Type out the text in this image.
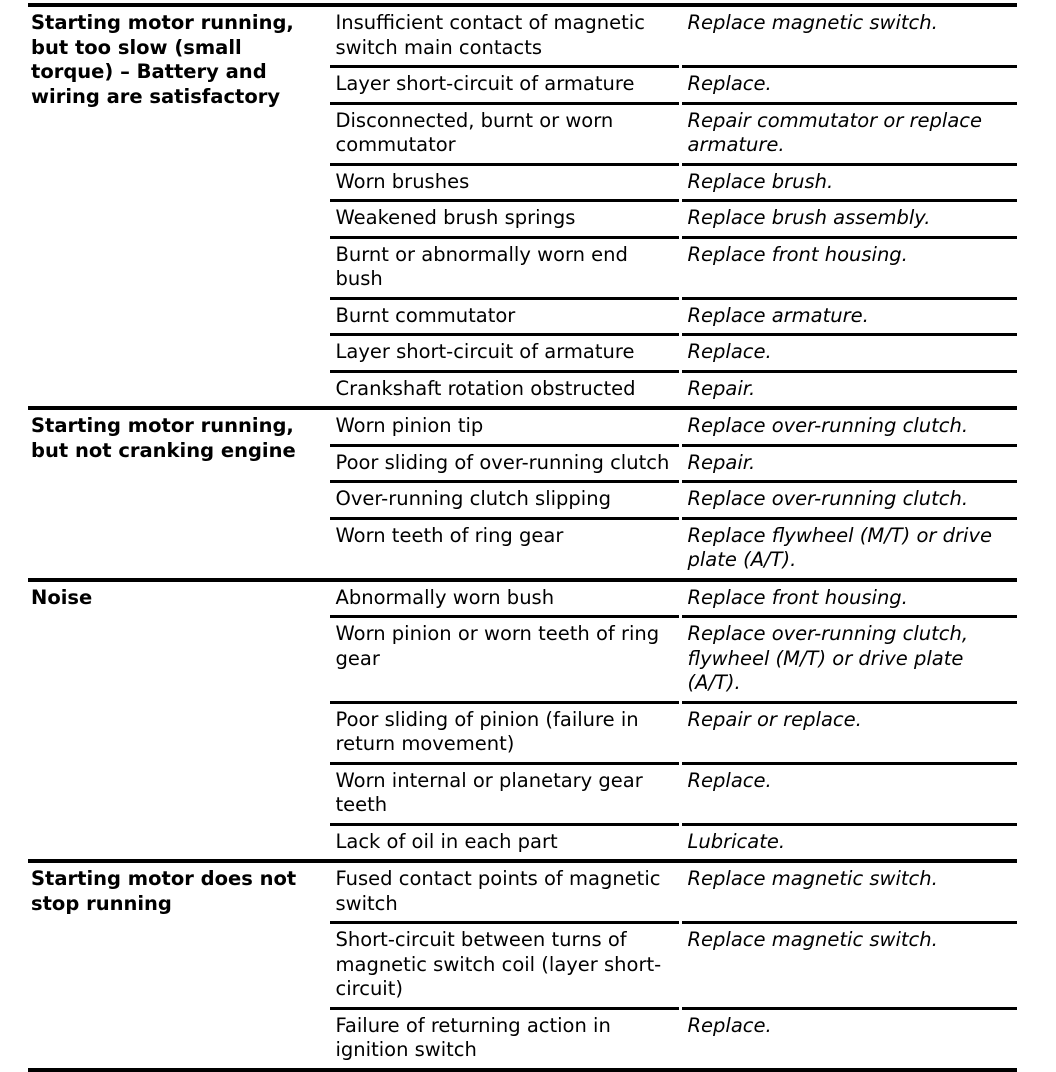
Starting motor running, but too slow (small torque) – Battery and wiring are satisfactory	Insufficient contact of magnetic switch main contacts	Replace magnetic switch.
	Layer short-circuit of armature	Replace.
	Disconnected, burnt or worn commutator	Repair commutator or replace armature.
	Worn brushes	Replace brush.
	Weakened brush springs	Replace brush assembly.
	Burnt or abnormally worn end bush	Replace front housing.
	Burnt commutator	Replace armature.
	Layer short-circuit of armature	Replace.
	Crankshaft rotation obstructed	Repair.
Starting motor running, but not cranking engine	Worn pinion tip	Replace over-running clutch.
	Poor sliding of over-running clutch	Repair.
	Over-running clutch slipping	Replace over-running clutch.
	Worn teeth of ring gear	Replace flywheel (M/T) or drive plate (A/T).
Noise	Abnormally worn bush	Replace front housing.
	Worn pinion or worn teeth of ring gear	Replace over-running clutch, flywheel (M/T) or drive plate (A/T).
	Poor sliding of pinion (failure in return movement)	Repair or replace.
	Worn internal or planetary gear teeth	Replace.
	Lack of oil in each part	Lubricate.
Starting motor does not stop running	Fused contact points of magnetic switch	Replace magnetic switch.
	Short-circuit between turns of magnetic switch coil (layer short-circuit)	Replace magnetic switch.
	Failure of returning action in ignition switch	Replace.
